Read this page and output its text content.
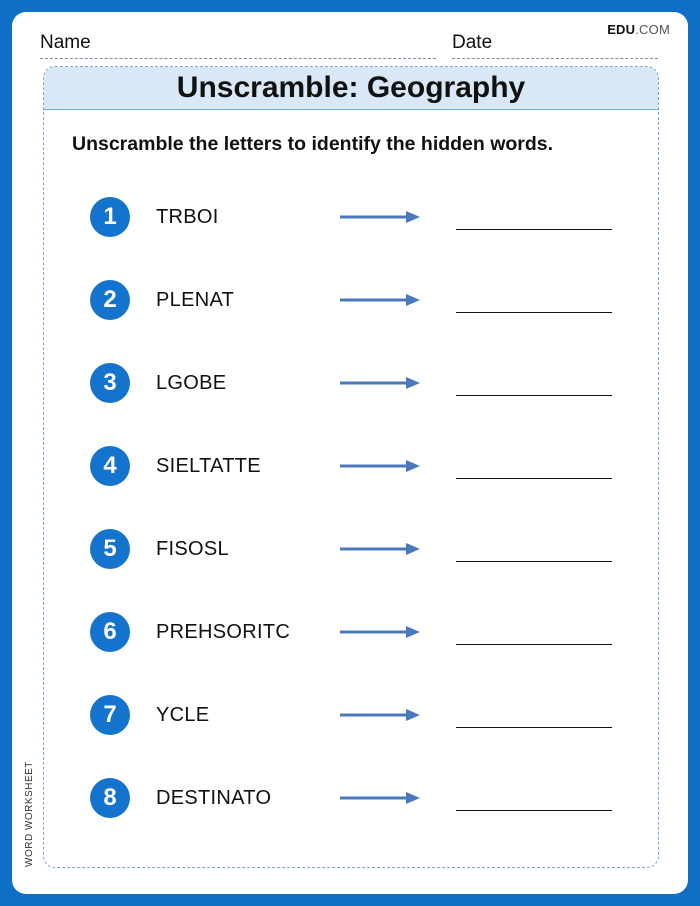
EDU.COM
Name	Date
Unscramble: Geography
Unscramble the letters to identify the hidden words.
1	TRBOI
2	PLENAT
3	LGOBE
4	SIELTATTE
5	FISOSL
6	PREHSORITC
7	YCLE
8	DESTINATO
WORD WORKSHEET
